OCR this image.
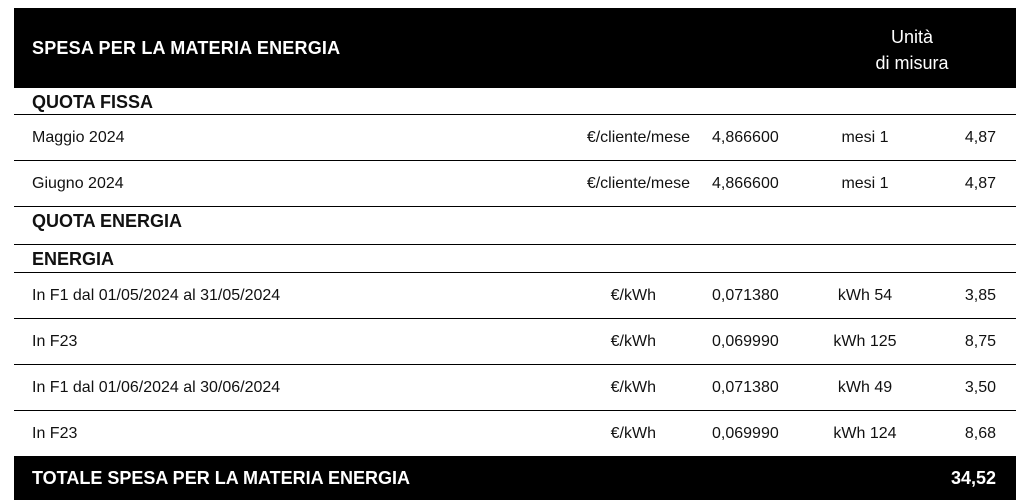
SPESA PER LA MATERIA ENERGIA
Unità
di misura
QUOTA FISSA
Maggio 2024	€/cliente/mese 4,866600	mesi 1	4,87
Giugno 2024	€/cliente/mese 4,866600	mesi 1	4,87
QUOTA ENERGIA
ENERGIA
In F1 dal 01/05/2024 al 31/05/2024	€/kWh	0,071380	kWh 54	3,85
In F23	€/kWh	0,069990	kWh 125	8,75
In F1 dal 01/06/2024 al 30/06/2024	€/kWh	0,071380	kWh 49	3,50
In F23	€/kWh	0,069990	kWh 124	8,68
TOTALE SPESA PER LA MATERIA ENERGIA	34,52
